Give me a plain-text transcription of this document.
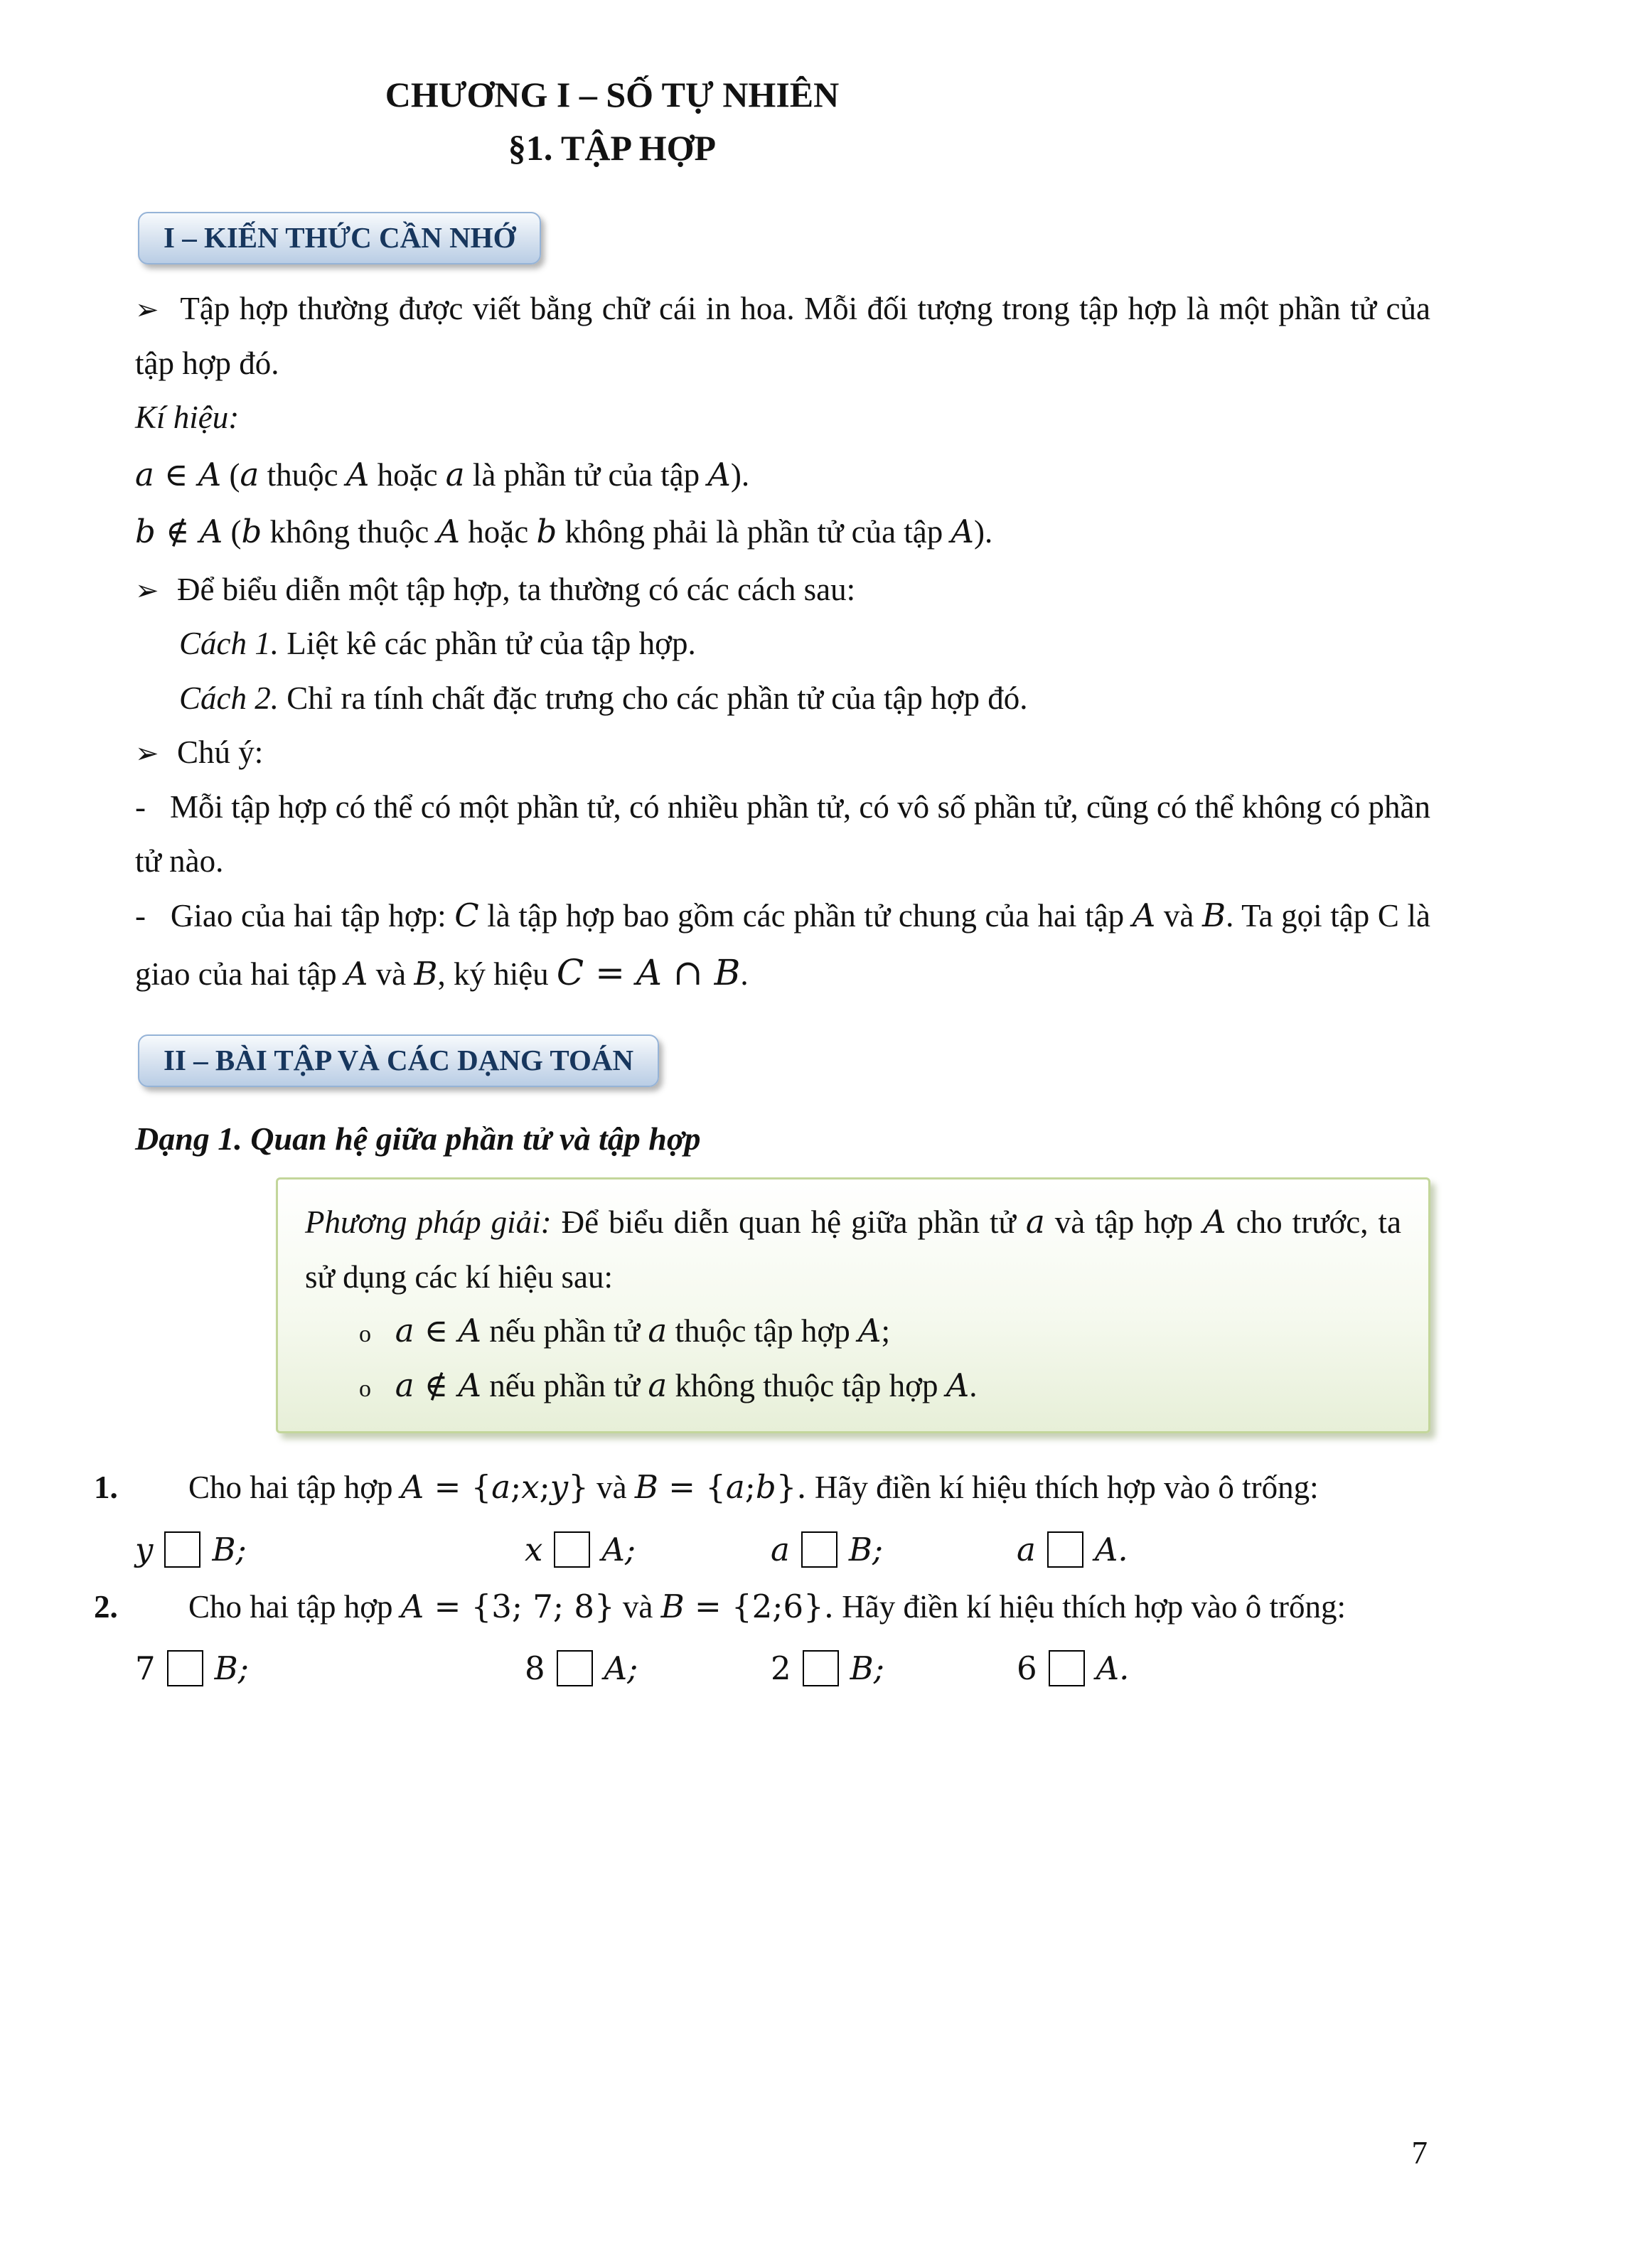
CHƯƠNG I – SỐ TỰ NHIÊN
§1. TẬP HỢP
I – KIẾN THỨC CẦN NHỚ
➢  Tập hợp thường được viết bằng chữ cái in hoa. Mỗi đối tượng trong tập hợp là một phần tử của tập hợp đó.
Kí hiệu:
a ∈ A (a thuộc A hoặc a là phần tử của tập A).
b ∉ A (b không thuộc A hoặc b không phải là phần tử của tập A).
➢  Để biểu diễn một tập hợp, ta thường có các cách sau:
Cách 1. Liệt kê các phần tử của tập hợp.
Cách 2. Chỉ ra tính chất đặc trưng cho các phần tử của tập hợp đó.
➢  Chú ý:
-   Mỗi tập hợp có thể có một phần tử, có nhiều phần tử, có vô số phần tử, cũng có thể không có phần tử nào.
-   Giao của hai tập hợp: C là tập hợp bao gồm các phần tử chung của hai tập A và B. Ta gọi tập C là giao của hai tập A và B, ký hiệu C = A ∩ B.
II – BÀI TẬP VÀ CÁC DẠNG TOÁN
Dạng 1. Quan hệ giữa phần tử và tập hợp
Phương pháp giải: Để biểu diễn quan hệ giữa phần tử a và tập hợp A cho trước, ta sử dụng các kí hiệu sau:
o a ∈ A nếu phần tử a thuộc tập hợp A;
o a ∉ A nếu phần tử a không thuộc tập hợp A.
1. Cho hai tập hợp A = {a;x;y} và B = {a;b}. Hãy điền kí hiệu thích hợp vào ô trống:
y B;	x A;	a B;	a A.
2. Cho hai tập hợp A = {3; 7; 8} và B = {2;6}. Hãy điền kí hiệu thích hợp vào ô trống:
7 B;	8 A;	2 B;	6 A.
7
